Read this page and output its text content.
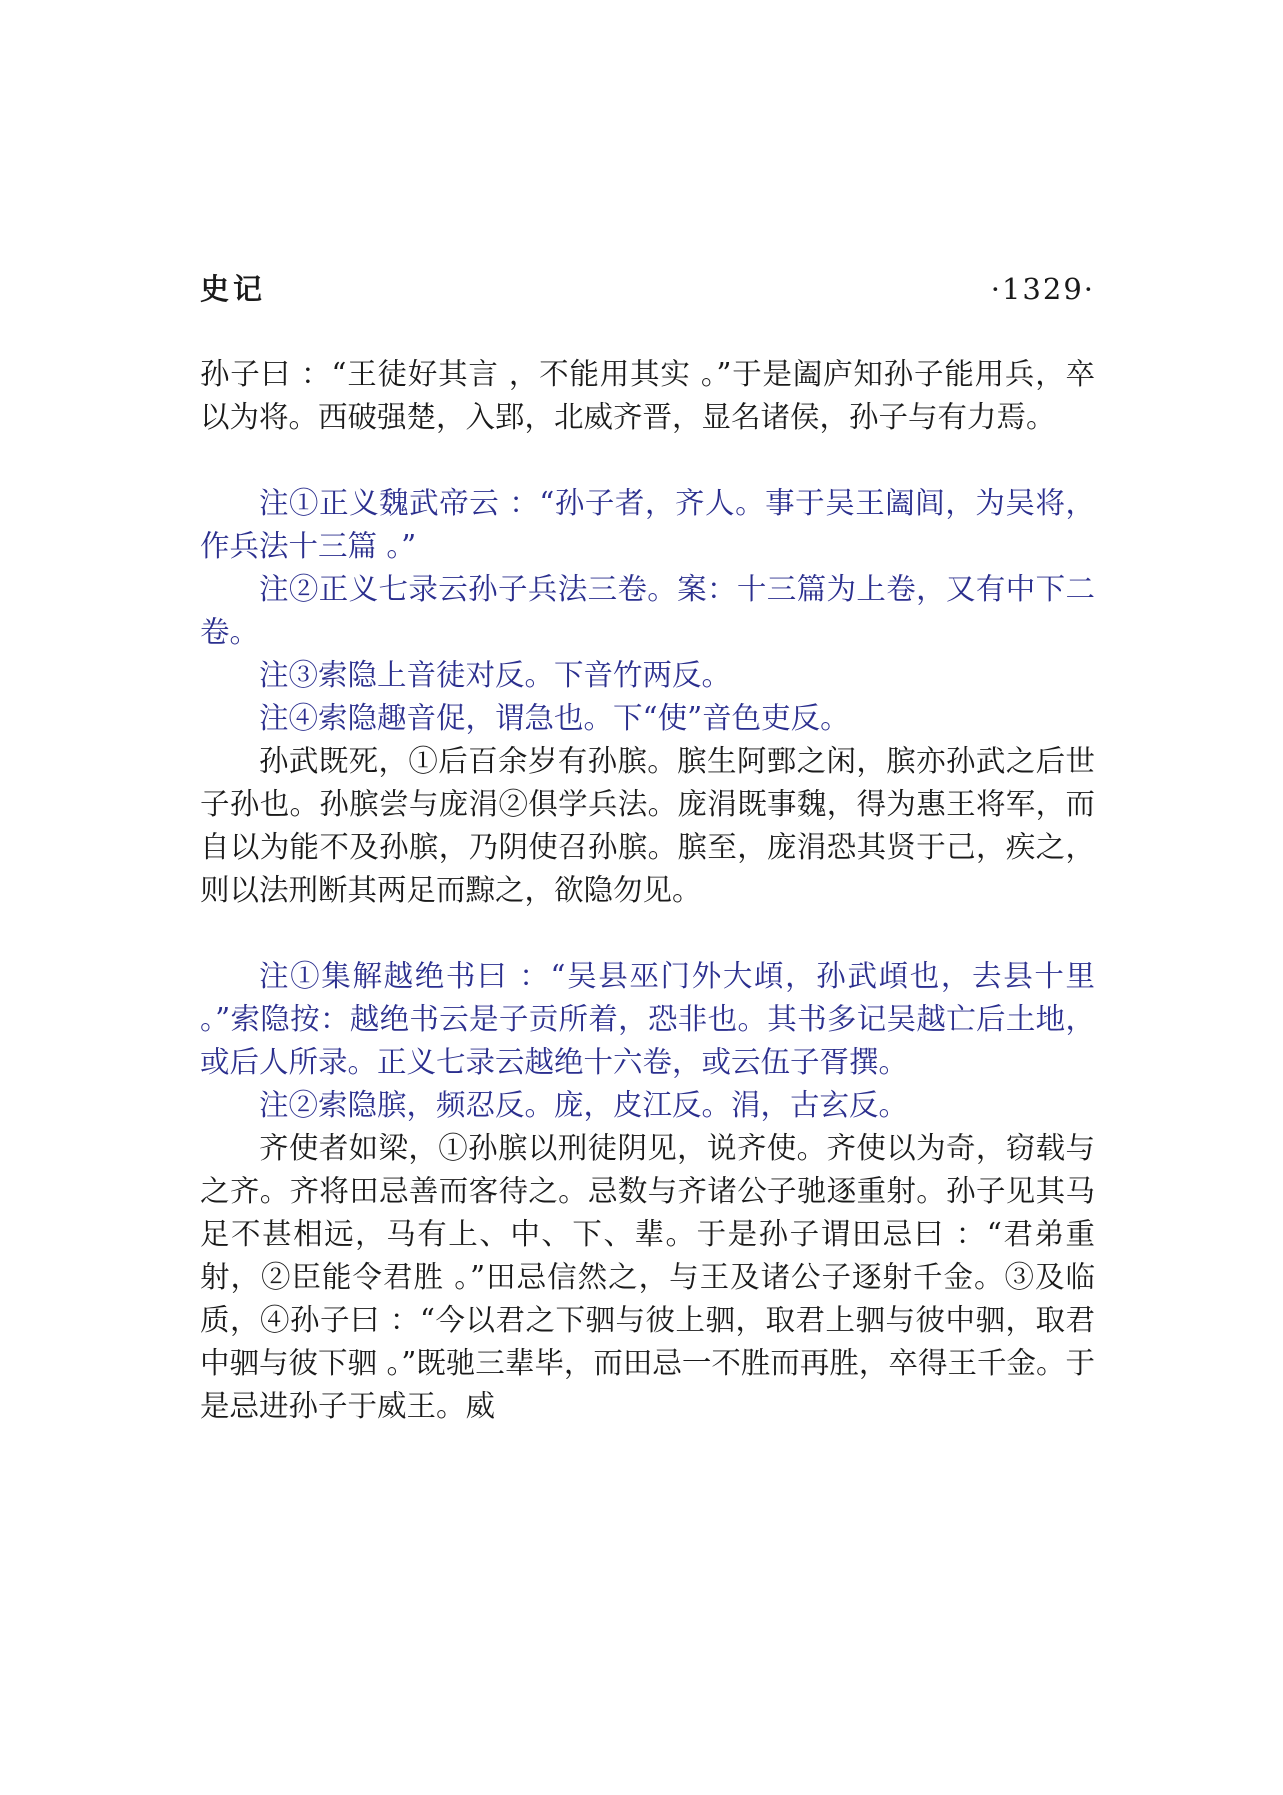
史记	·1329·

孙子曰 ：“王徒好其言 ，不能用其实 。”于是阖庐知孙子能用兵，卒以为将。西破强楚，入郢，北威齐晋，显名诸侯，孙子与有力焉。

注①正义魏武帝云 ：“孙子者，齐人。事于吴王阖闾，为吴将，作兵法十三篇 。”

注②正义七录云孙子兵法三卷。案：十三篇为上卷，又有中下二卷。

注③索隐上音徒对反。下音竹两反。

注④索隐趣音促，谓急也。下“使”音色吏反。

孙武既死，①后百余岁有孙膑。膑生阿鄄之闲，膑亦孙武之后世子孙也。孙膑尝与庞涓②俱学兵法。庞涓既事魏，得为惠王将军，而自以为能不及孙膑，乃阴使召孙膑。膑至，庞涓恐其贤于己，疾之，则以法刑断其两足而黥之，欲隐勿见。

注①集解越绝书曰 ：“吴县巫门外大頉，孙武頉也，去县十里 。”索隐按：越绝书云是子贡所着，恐非也。其书多记吴越亡后土地，或后人所录。正义七录云越绝十六卷，或云伍子胥撰。

注②索隐膑，频忍反。庞，皮江反。涓，古玄反。

齐使者如梁，①孙膑以刑徒阴见，说齐使。齐使以为奇，窃载与之齐。齐将田忌善而客待之。忌数与齐诸公子驰逐重射。孙子见其马足不甚相远，马有上、中、下、辈。于是孙子谓田忌曰 ：“君弟重射，②臣能令君胜 。”田忌信然之，与王及诸公子逐射千金。③及临质，④孙子曰 ：“今以君之下驷与彼上驷，取君上驷与彼中驷，取君中驷与彼下驷 。”既驰三辈毕，而田忌一不胜而再胜，卒得王千金。于是忌进孙子于威王。威
